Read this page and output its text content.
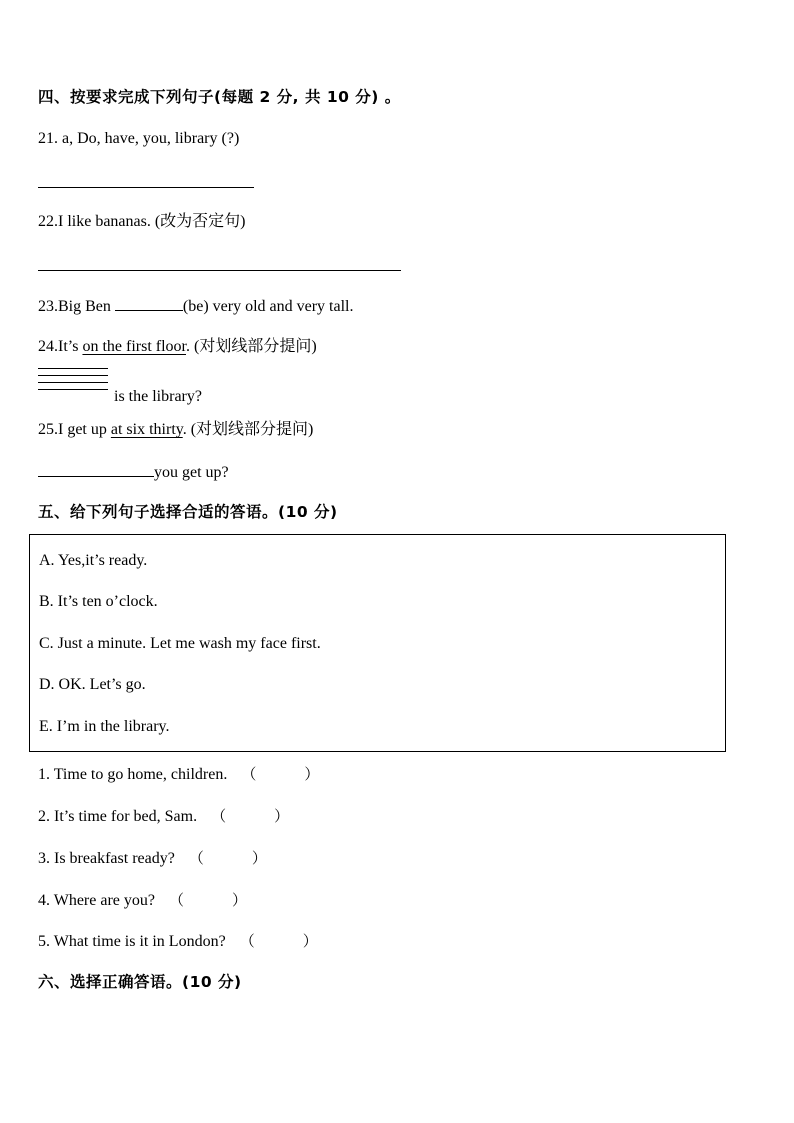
四、按要求完成下列句子(每题 2 分, 共 10 分) 。
21. a, Do, have, you, library (?)
22.I like bananas. (改为否定句)
23.Big Ben	(be) very old and very tall.
24.It’s on the first floor. (对划线部分提问)
is the library?
25.I get up at six thirty. (对划线部分提问)
you get up?
五、给下列句子选择合适的答语。(10 分)
A. Yes,it’s ready.
B. It’s ten o’clock.
C. Just a minute. Let me wash my face first.
D. OK. Let’s go.
E. I’m in the library.
1. Time to go home, children. （	）
2. It’s time for bed, Sam. （	）
3. Is breakfast ready? （	）
4. Where are you? （	）
5. What time is it in London? （	）
六、选择正确答语。(10 分)
